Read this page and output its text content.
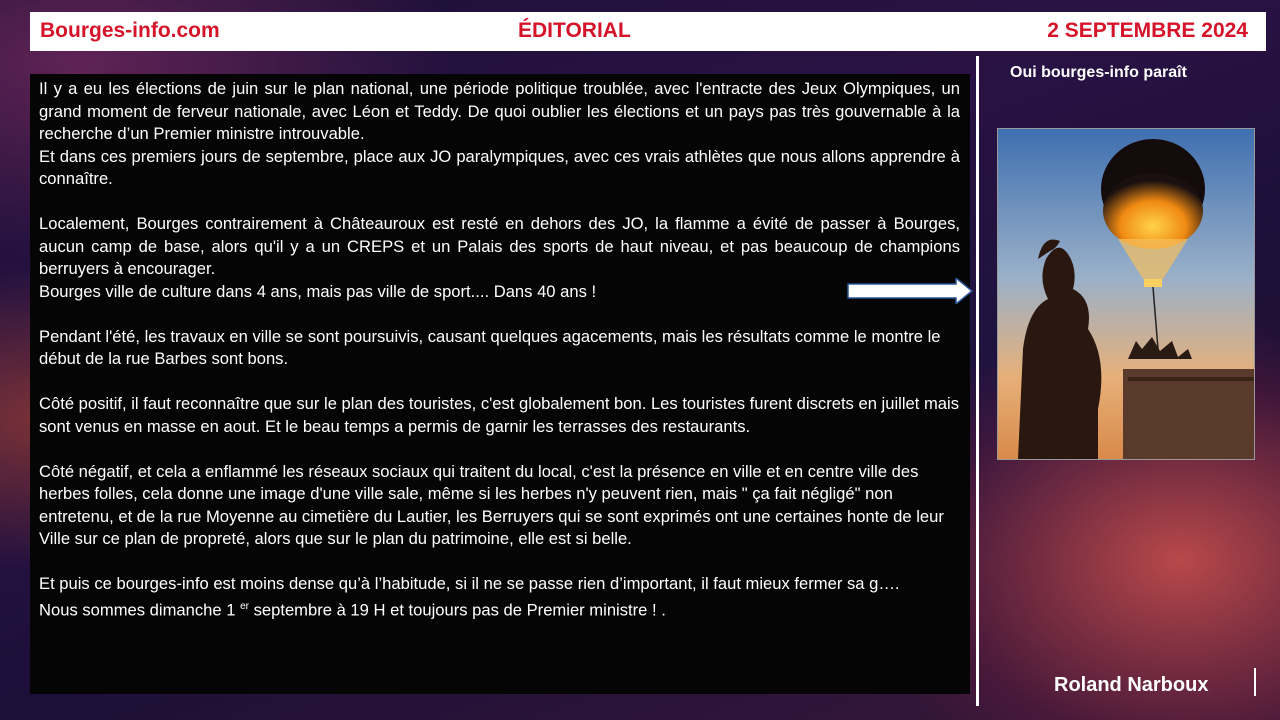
Bourges-info.com	ÉDITORIAL	2 SEPTEMBRE 2024

Il y a eu les élections de juin sur le plan national, une période politique troublée, avec l'entracte des Jeux Olympiques, un grand moment de ferveur nationale, avec Léon et Teddy. De quoi oublier les élections et un pays pas très gouvernable à la recherche d’un Premier ministre introuvable.

Et dans ces premiers jours de septembre, place aux JO paralympiques, avec ces vrais athlètes que nous allons apprendre à connaître.

Localement, Bourges contrairement à Châteauroux est resté en dehors des JO, la flamme a évité de passer à Bourges, aucun camp de base, alors qu'il y a un CREPS et un Palais des sports de haut niveau, et pas beaucoup de champions berruyers à encourager.

Bourges ville de culture dans 4 ans, mais pas ville de sport.... Dans 40 ans !

Pendant l'été, les travaux en ville se sont poursuivis, causant quelques agacements, mais les résultats comme le montre le début de la rue Barbes sont bons.

Côté positif, il faut reconnaître que sur le plan des touristes, c'est globalement bon. Les touristes furent discrets en juillet mais sont venus en masse en aout. Et le beau temps a permis de garnir les terrasses des restaurants.

Côté négatif, et cela a enflammé les réseaux sociaux qui traitent du local, c'est la présence en ville et en centre ville des herbes folles, cela donne une image d'une ville sale, même si les herbes n'y peuvent rien, mais " ça fait négligé" non entretenu, et de la rue Moyenne au cimetière du Lautier, les Berruyers qui se sont exprimés ont une certaines honte de leur Ville sur ce plan de propreté, alors que sur le plan du patrimoine, elle est si belle.

Et puis ce bourges-info est moins dense qu’à l’habitude, si il ne se passe rien d’important, il faut mieux fermer sa g….

Nous sommes dimanche 1 $^{er}$ septembre à 19 H et toujours pas de Premier ministre ! .

Oui bourges-info paraît
Roland Narboux
